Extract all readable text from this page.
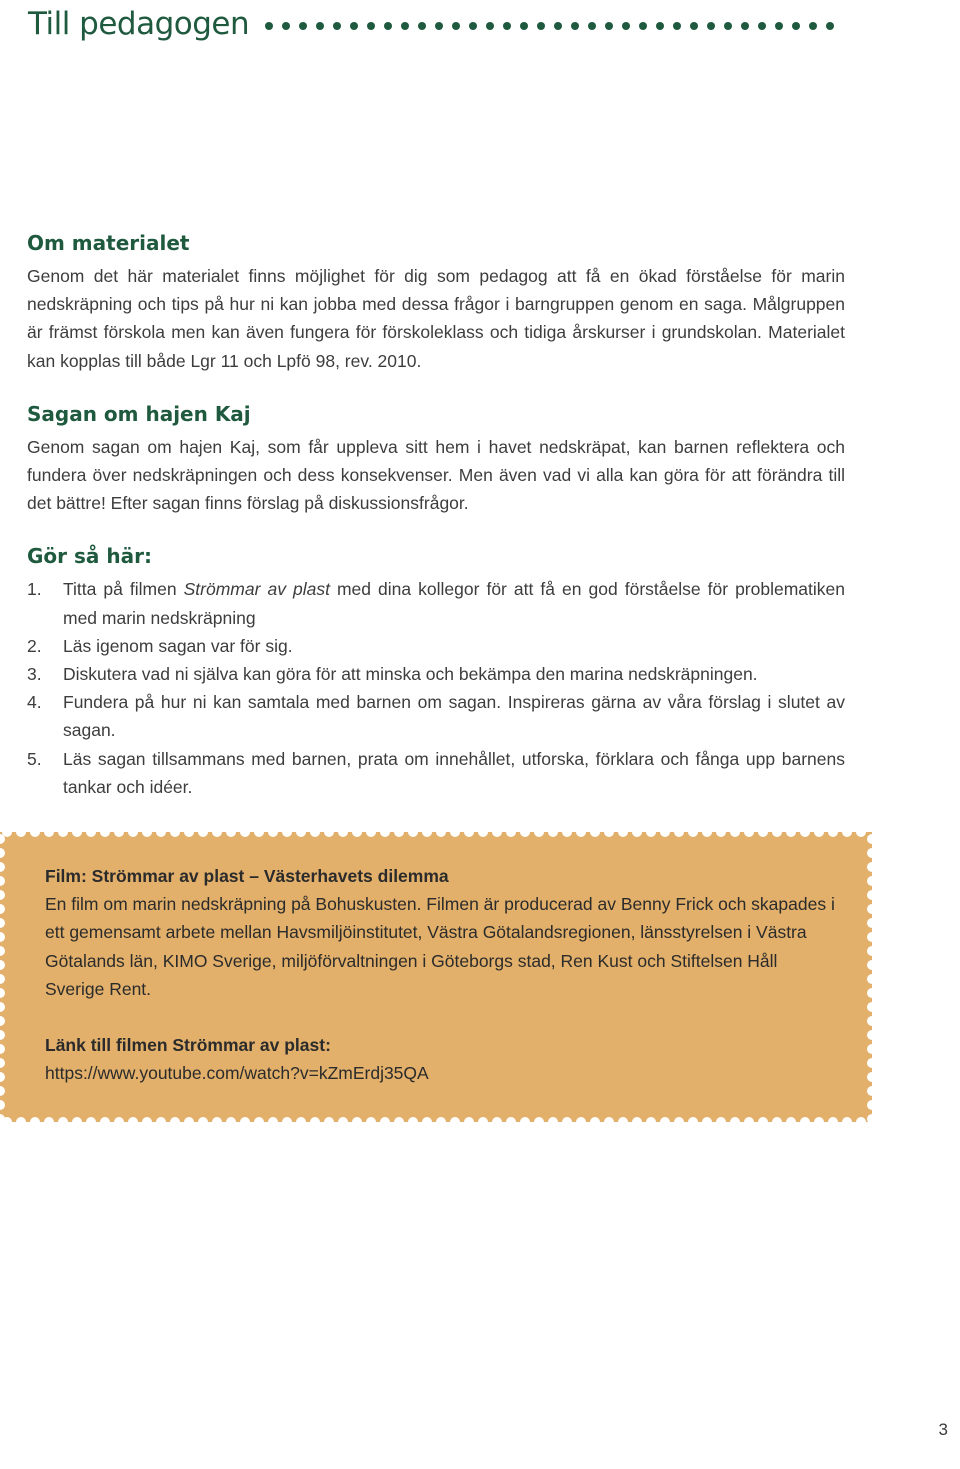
Till pedagogen
Om materialet

Genom det här materialet finns möjlighet för dig som pedagog att få en ökad förståelse för marin nedskräpning och tips på hur ni kan jobba med dessa frågor i barngruppen genom en saga. Målgruppen är främst förskola men kan även fungera för förskoleklass och tidiga årskurser i grundskolan. Materialet kan kopplas till både Lgr 11 och Lpfö 98, rev. 2010.

Sagan om hajen Kaj

Genom sagan om hajen Kaj, som får uppleva sitt hem i havet nedskräpat, kan barnen reflektera och fundera över nedskräpningen och dess konsekvenser. Men även vad vi alla kan göra för att förändra till det bättre! Efter sagan finns förslag på diskussionsfrågor.

Gör så här:
1.	Titta på filmen Strömmar av plast med dina kollegor för att få en god förståelse för problematiken med marin nedskräpning
2.	Läs igenom sagan var för sig.
3.	Diskutera vad ni själva kan göra för att minska och bekämpa den marina nedskräpningen.
4.	Fundera på hur ni kan samtala med barnen om sagan. Inspireras gärna av våra förslag i slutet av sagan.
5.	Läs sagan tillsammans med barnen, prata om innehållet, utforska, förklara och fånga upp barnens tankar och idéer.
Film: Strömmar av plast – Västerhavets dilemma
En film om marin nedskräpning på Bohuskusten. Filmen är producerad av Benny Frick och skapades i ett gemensamt arbete mellan Havsmiljöinstitutet, Västra Götalandsregionen, länsstyrelsen i Västra Götalands län, KIMO Sverige, miljöförvaltningen i Göteborgs stad, Ren Kust och Stiftelsen Håll Sverige Rent.
Länk till filmen Strömmar av plast:
https://www.youtube.com/watch?v=kZmErdj35QA
3
